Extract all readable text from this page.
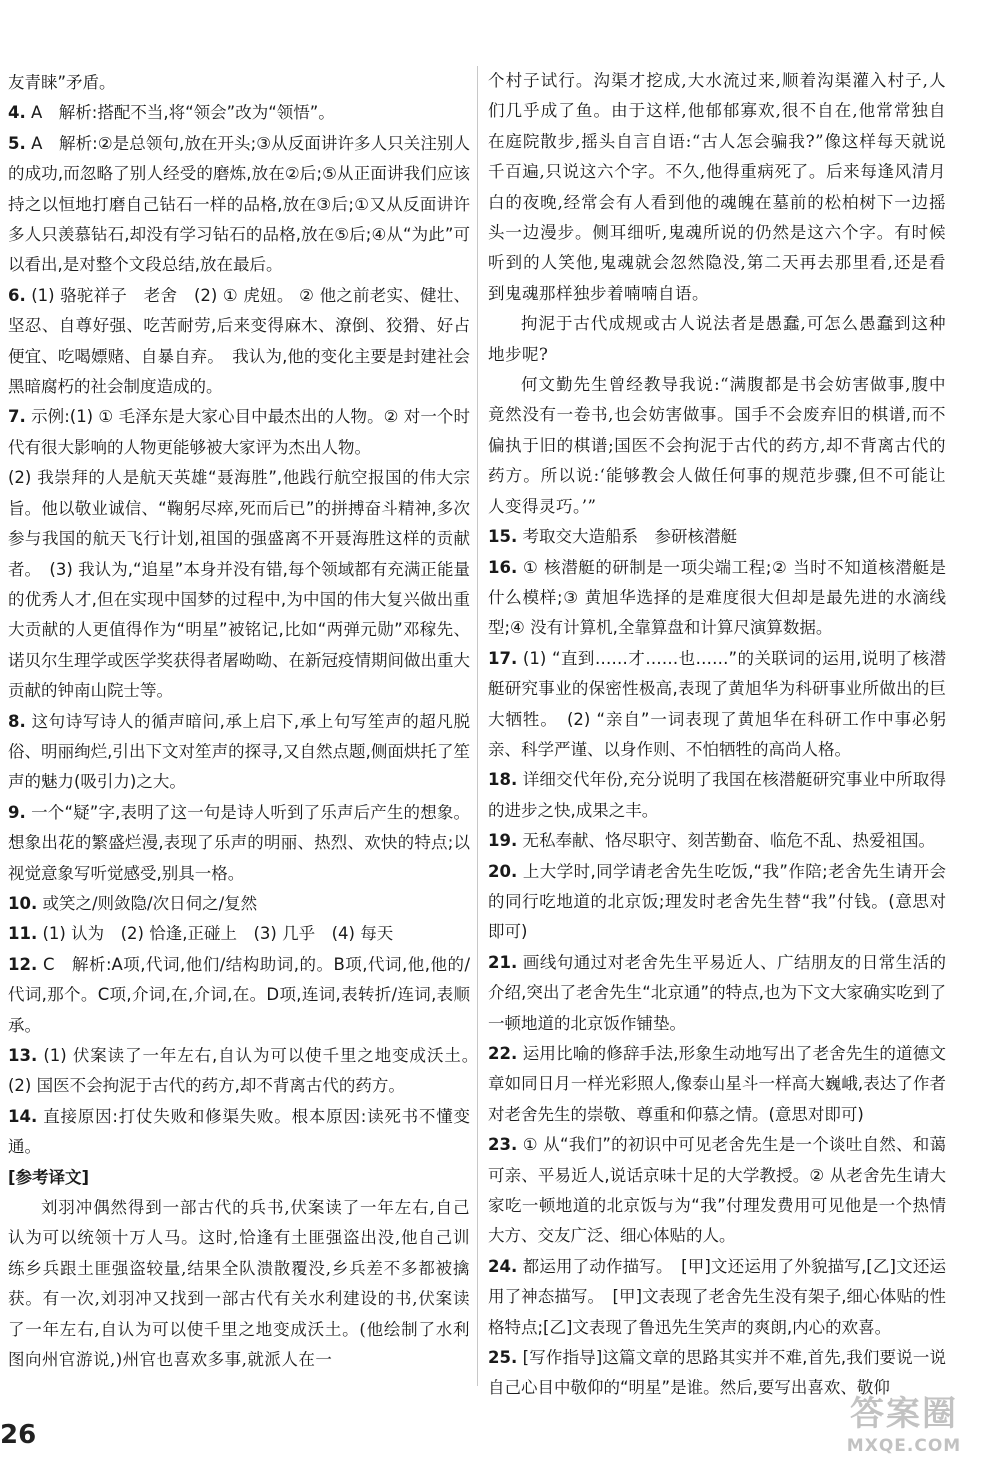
友青睐”矛盾。

4. A　解析:搭配不当,将“领会”改为“领悟”。

5. A　解析:②是总领句,放在开头;③从反面讲许多人只关注别人的成功,而忽略了别人经受的磨炼,放在②后;⑤从正面讲我们应该持之以恒地打磨自己钻石一样的品格,放在③后;①又从反面讲许多人只羡慕钻石,却没有学习钻石的品格,放在⑤后;④从“为此”可以看出,是对整个文段总结,放在最后。

6. (1) 骆驼祥子　老舍　(2) ① 虎妞。 ② 他之前老实、健壮、坚忍、自尊好强、吃苦耐劳,后来变得麻木、潦倒、狡猾、好占便宜、吃喝嫖赌、自暴自弃。　我认为,他的变化主要是封建社会黑暗腐朽的社会制度造成的。

7. 示例:(1) ① 毛泽东是大家心目中最杰出的人物。② 对一个时代有很大影响的人物更能够被大家评为杰出人物。

(2) 我崇拜的人是航天英雄“聂海胜”,他践行航空报国的伟大宗旨。他以敬业诚信、“鞠躬尽瘁,死而后已”的拼搏奋斗精神,多次参与我国的航天飞行计划,祖国的强盛离不开聂海胜这样的贡献者。　(3) 我认为,“追星”本身并没有错,每个领域都有充满正能量的优秀人才,但在实现中国梦的过程中,为中国的伟大复兴做出重大贡献的人更值得作为“明星”被铭记,比如“两弹元勋”邓稼先、诺贝尔生理学或医学奖获得者屠呦呦、在新冠疫情期间做出重大贡献的钟南山院士等。

8. 这句诗写诗人的循声暗问,承上启下,承上句写笙声的超凡脱俗、明丽绚烂,引出下文对笙声的探寻,又自然点题,侧面烘托了笙声的魅力(吸引力)之大。

9. 一个“疑”字,表明了这一句是诗人听到了乐声后产生的想象。想象出花的繁盛烂漫,表现了乐声的明丽、热烈、欢快的特点;以视觉意象写听觉感受,别具一格。

10. 或笑之/则敛隐/次日伺之/复然

11. (1) 认为　(2) 恰逢,正碰上　(3) 几乎　(4) 每天

12. C　解析:A项,代词,他们/结构助词,的。B项,代词,他,他的/代词,那个。C项,介词,在,介词,在。D项,连词,表转折/连词,表顺承。

13. (1) 伏案读了一年左右,自认为可以使千里之地变成沃土。　(2) 国医不会拘泥于古代的药方,却不背离古代的药方。

14. 直接原因:打仗失败和修渠失败。根本原因:读死书不懂变通。

[参考译文]

刘羽冲偶然得到一部古代的兵书,伏案读了一年左右,自己认为可以统领十万人马。这时,恰逢有土匪强盗出没,他自己训练乡兵跟土匪强盗较量,结果全队溃散覆没,乡兵差不多都被擒获。有一次,刘羽冲又找到一部古代有关水利建设的书,伏案读了一年左右,自认为可以使千里之地变成沃土。(他绘制了水利图向州官游说,)州官也喜欢多事,就派人在一

个村子试行。沟渠才挖成,大水流过来,顺着沟渠灌入村子,人们几乎成了鱼。由于这样,他郁郁寡欢,很不自在,他常常独自在庭院散步,摇头自言自语:“古人怎会骗我?”像这样每天就说千百遍,只说这六个字。不久,他得重病死了。后来每逢风清月白的夜晚,经常会有人看到他的魂魄在墓前的松柏树下一边摇头一边漫步。侧耳细听,鬼魂所说的仍然是这六个字。有时候听到的人笑他,鬼魂就会忽然隐没,第二天再去那里看,还是看到鬼魂那样独步着喃喃自语。

拘泥于古代成规或古人说法者是愚蠢,可怎么愚蠢到这种地步呢?

何文勤先生曾经教导我说:“满腹都是书会妨害做事,腹中竟然没有一卷书,也会妨害做事。国手不会废弃旧的棋谱,而不偏执于旧的棋谱;国医不会拘泥于古代的药方,却不背离古代的药方。所以说:‘能够教会人做任何事的规范步骤,但不可能让人变得灵巧。’”

15. 考取交大造船系　参研核潜艇

16. ① 核潜艇的研制是一项尖端工程;② 当时不知道核潜艇是什么模样;③ 黄旭华选择的是难度很大但却是最先进的水滴线型;④ 没有计算机,全靠算盘和计算尺演算数据。

17. (1) “直到……才……也……”的关联词的运用,说明了核潜艇研究事业的保密性极高,表现了黄旭华为科研事业所做出的巨大牺牲。　(2) “亲自”一词表现了黄旭华在科研工作中事必躬亲、科学严谨、以身作则、不怕牺牲的高尚人格。

18. 详细交代年份,充分说明了我国在核潜艇研究事业中所取得的进步之快,成果之丰。

19. 无私奉献、恪尽职守、刻苦勤奋、临危不乱、热爱祖国。

20. 上大学时,同学请老舍先生吃饭,“我”作陪;老舍先生请开会的同行吃地道的北京饭;理发时老舍先生替“我”付钱。(意思对即可)

21. 画线句通过对老舍先生平易近人、广结朋友的日常生活的介绍,突出了老舍先生“北京通”的特点,也为下文大家确实吃到了一顿地道的北京饭作铺垫。

22. 运用比喻的修辞手法,形象生动地写出了老舍先生的道德文章如同日月一样光彩照人,像泰山星斗一样高大巍峨,表达了作者对老舍先生的崇敬、尊重和仰慕之情。(意思对即可)

23. ① 从“我们”的初识中可见老舍先生是一个谈吐自然、和蔼可亲、平易近人,说话京味十足的大学教授。② 从老舍先生请大家吃一顿地道的北京饭与为“我”付理发费用可见他是一个热情大方、交友广泛、细心体贴的人。

24. 都运用了动作描写。　[甲]文还运用了外貌描写,[乙]文还运用了神态描写。　[甲]文表现了老舍先生没有架子,细心体贴的性格特点;[乙]文表现了鲁迅先生笑声的爽朗,内心的欢喜。

25. [写作指导]这篇文章的思路其实并不难,首先,我们要说一说自己心目中敬仰的“明星”是谁。然后,要写出喜欢、敬仰

26
答案圈
MXQE.COM
